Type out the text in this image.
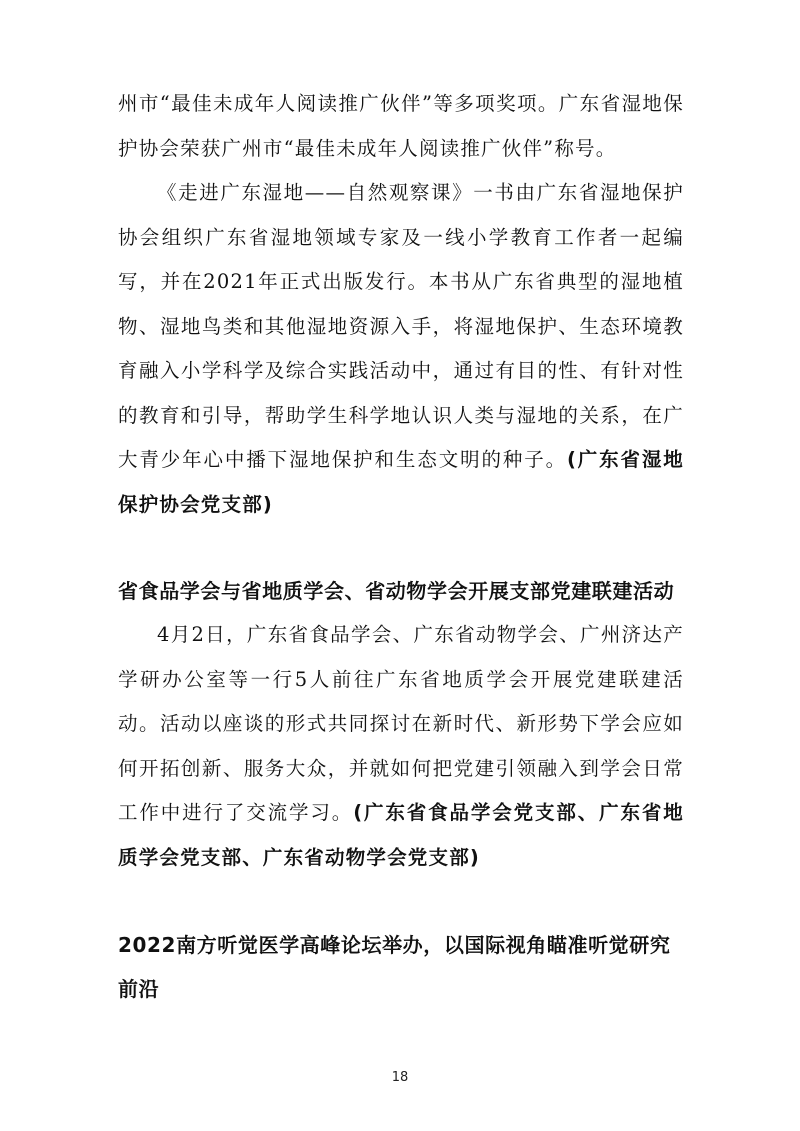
州市“最佳未成年人阅读推广伙伴”等多项奖项。广东省湿地保护协会荣获广州市“最佳未成年人阅读推广伙伴”称号。

《走进广东湿地——自然观察课》一书由广东省湿地保护协会组织广东省湿地领域专家及一线小学教育工作者一起编写，并在2021年正式出版发行。本书从广东省典型的湿地植物、湿地鸟类和其他湿地资源入手，将湿地保护、生态环境教育融入小学科学及综合实践活动中，通过有目的性、有针对性的教育和引导，帮助学生科学地认识人类与湿地的关系，在广大青少年心中播下湿地保护和生态文明的种子。(广东省湿地保护协会党支部)

省食品学会与省地质学会、省动物学会开展支部党建联建活动

4月2日，广东省食品学会、广东省动物学会、广州济达产学研办公室等一行5人前往广东省地质学会开展党建联建活动。活动以座谈的形式共同探讨在新时代、新形势下学会应如何开拓创新、服务大众，并就如何把党建引领融入到学会日常工作中进行了交流学习。(广东省食品学会党支部、广东省地质学会党支部、广东省动物学会党支部)

2022南方听觉医学高峰论坛举办，以国际视角瞄准听觉研究前沿
18
